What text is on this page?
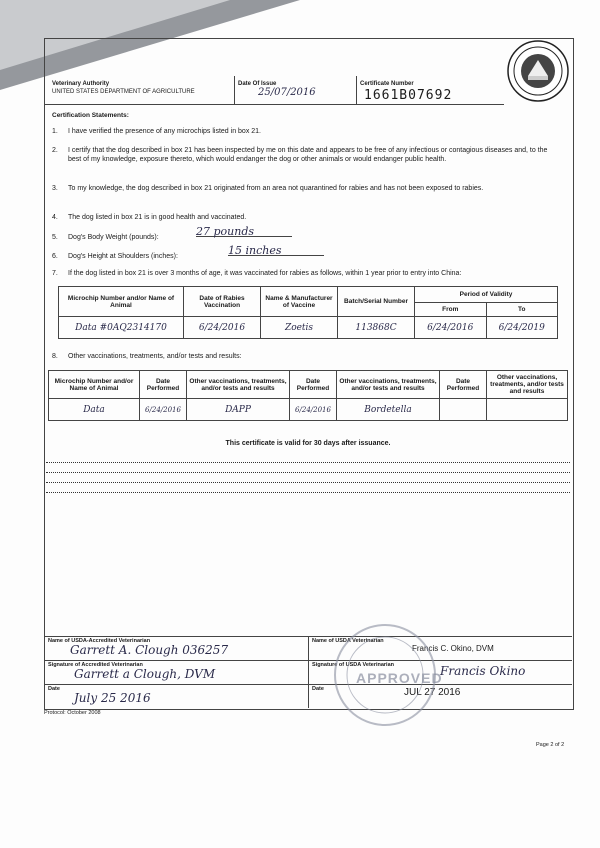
Veterinary Authority
UNITED STATES DEPARTMENT OF AGRICULTURE
Date Of Issue
25/07/2016
Certificate Number
1661B07692
Certification Statements:
1. I have verified the presence of any microchips listed in box 21.
2. I certify that the dog described in box 21 has been inspected by me on this date and appears to be free of any infectious or contagious diseases and, to the best of my knowledge, exposure thereto, which would endanger the dog or other animals or would endanger public health.
3. To my knowledge, the dog described in box 21 originated from an area not quarantined for rabies and has not been exposed to rabies.
4. The dog listed in box 21 is in good health and vaccinated.
5. Dog's Body Weight (pounds):	27 pounds
6. Dog's Height at Shoulders (inches):	15 inches
7. If the dog listed in box 21 is over 3 months of age, it was vaccinated for rabies as follows, within 1 year prior to entry into China:
Microchip Number and/or Name of Animal	Date of Rabies Vaccination	Name & Manufacturer of Vaccine	Batch/Serial Number	Period of Validity	
				From	To
Data #0AQ2314170	6/24/2016	Zoetis	113868C	6/24/2016	6/24/2019
8. Other vaccinations, treatments, and/or tests and results:
Microchip Number and/or Name of Animal	Date Performed	Other vaccinations, treatments, and/or tests and results	Date Performed	Other vaccinations, treatments, and/or tests and results	Date Performed	Other vaccinations, treatments, and/or tests and results
Data	6/24/2016	DAPP	6/24/2016	Bordetella		
This certificate is valid for 30 days after issuance.
Name of USDA-Accredited Veterinarian
Garrett A. Clough 036257
Signature of Accredited Veterinarian
Garrett a Clough, DVM
Date
July 25 2016
Protocol: October 2008
Name of USDA Veterinarian
Francis C. Okino, DVM
Signature of USDA Veterinarian	Francis Okino
Date	JUL 27 2016
APPROVED
Page 2 of 2
